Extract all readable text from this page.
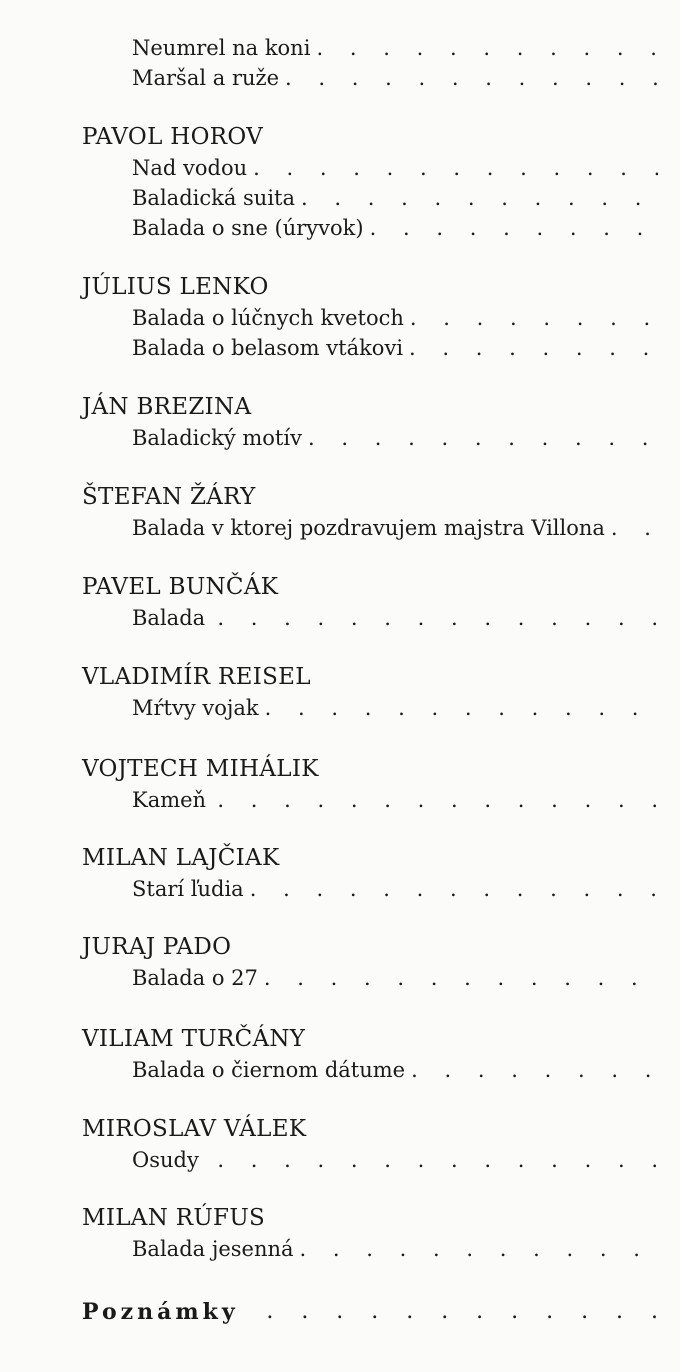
Neumrel na koni
.
Maršal a ruže
.
PAVOL HOROV
Nad vodou
.
Baladická suita
.
Balada o sne (úryvok)
.
JÚLIUS LENKO
Balada o lúčnych kvetoch
.
Balada o belasom vtákovi
.
JÁN BREZINA
Baladický motív
.
ŠTEFAN ŽÁRY
Balada v ktorej pozdravujem majstra Villona
.
PAVEL BUNČÁK
Balada
.
VLADIMÍR REISEL
Mŕtvy vojak
.
VOJTECH MIHÁLIK
Kameň
.
MILAN LAJČIAK
Starí ľudia
.
JURAJ PADO
Balada o 27
.
VILIAM TURČÁNY
Balada o čiernom dátume
.
MIROSLAV VÁLEK
Osudy
.
MILAN RÚFUS
Balada jesenná
.
Poznámky
.
